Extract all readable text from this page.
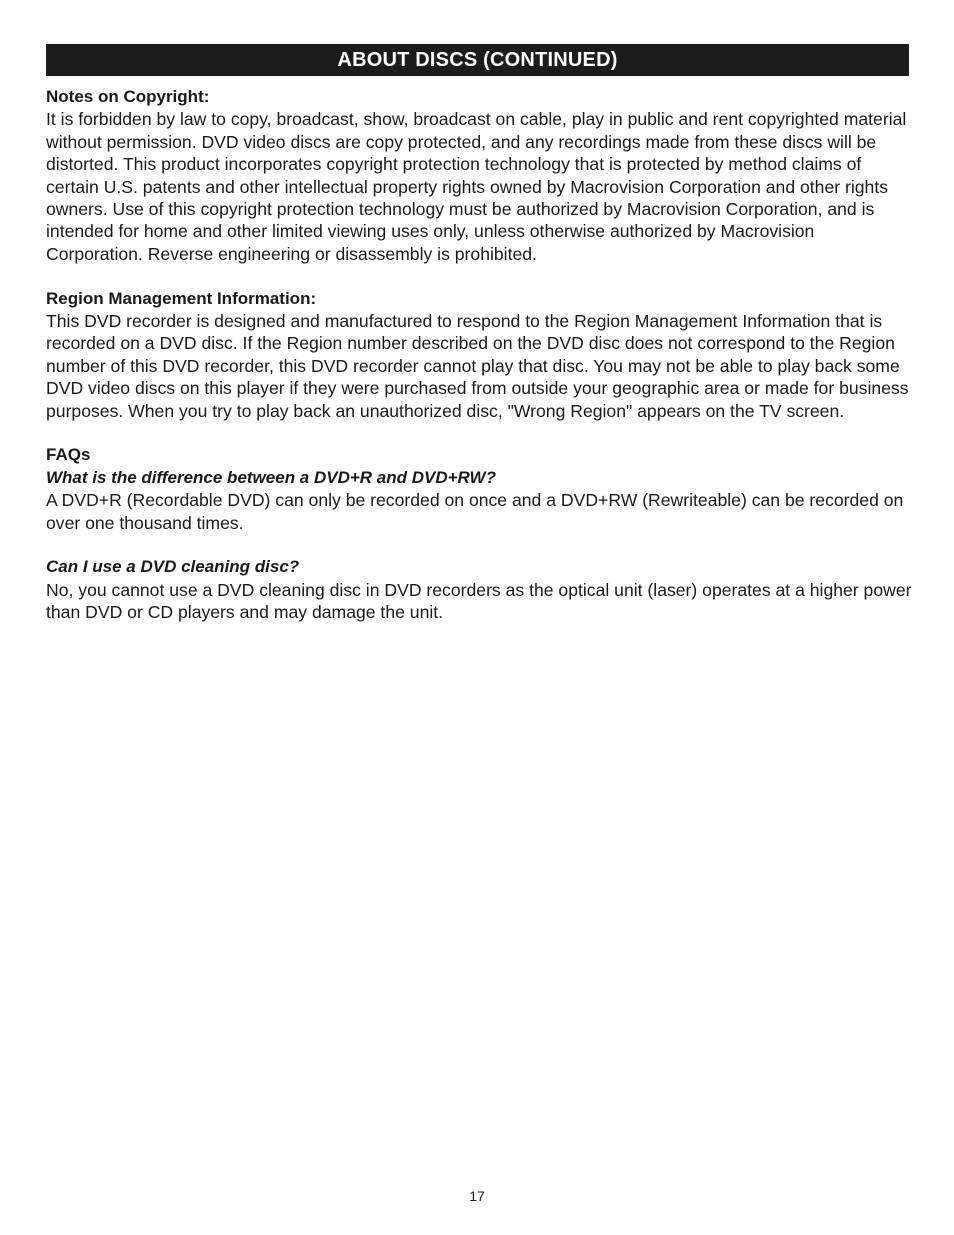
ABOUT DISCS (CONTINUED)
Notes on Copyright:

It is forbidden by law to copy, broadcast, show, broadcast on cable, play in public and rent copyrighted material without permission. DVD video discs are copy protected, and any recordings made from these discs will be distorted. This product incorporates copyright protection technology that is protected by method claims of certain U.S. patents and other intellectual property rights owned by Macrovision Corporation and other rights owners. Use of this copyright protection technology must be authorized by Macrovision Corporation, and is intended for home and other limited viewing uses only, unless otherwise authorized by Macrovision Corporation. Reverse engineering or disassembly is prohibited.

Region Management Information:

This DVD recorder is designed and manufactured to respond to the Region Management Information that is recorded on a DVD disc. If the Region number described on the DVD disc does not correspond to the Region number of this DVD recorder, this DVD recorder cannot play that disc. You may not be able to play back some DVD video discs on this player if they were purchased from outside your geographic area or made for business purposes. When you try to play back an unauthorized disc, "Wrong Region" appears on the TV screen.

FAQs
What is the difference between a DVD+R and DVD+RW?

A DVD+R (Recordable DVD) can only be recorded on once and a DVD+RW (Rewriteable) can be recorded on over one thousand times.

Can I use a DVD cleaning disc?

No, you cannot use a DVD cleaning disc in DVD recorders as the optical unit (laser) operates at a higher power than DVD or CD players and may damage the unit.

17
